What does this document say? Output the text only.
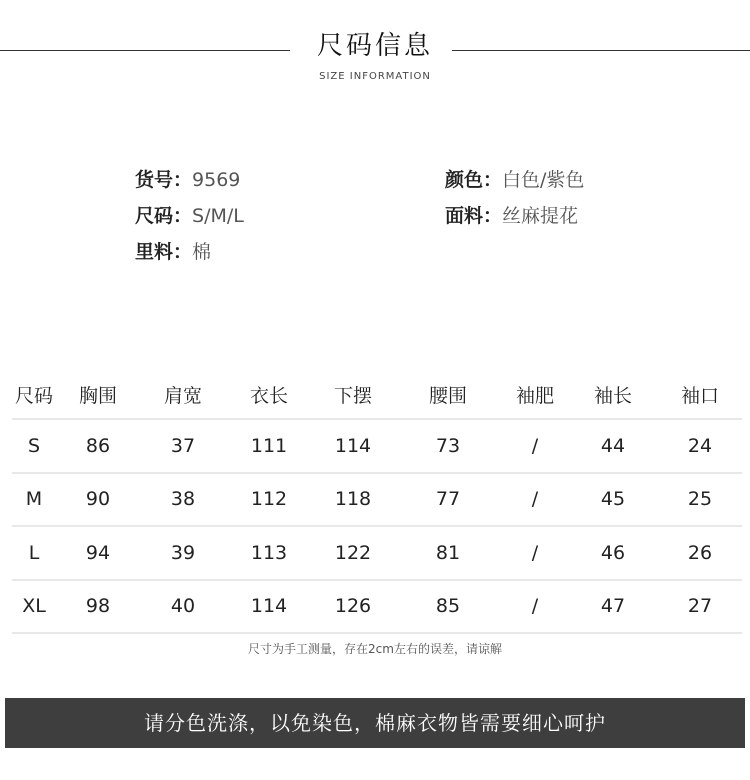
尺码信息
SIZE INFORMATION
货号：9569
尺码：S/M/L
里料：棉
颜色：白色/紫色
面料：丝麻提花
尺码	胸围	肩宽	衣长	下摆	腰围	袖肥	袖长	袖口
S	86	37	111	114	73	/	44	24
M	90	38	112	118	77	/	45	25
L	94	39	113	122	81	/	46	26
XL	98	40	114	126	85	/	47	27
尺寸为手工测量，存在2cm左右的误差，请谅解
请分色洗涤，以免染色，棉麻衣物皆需要细心呵护
